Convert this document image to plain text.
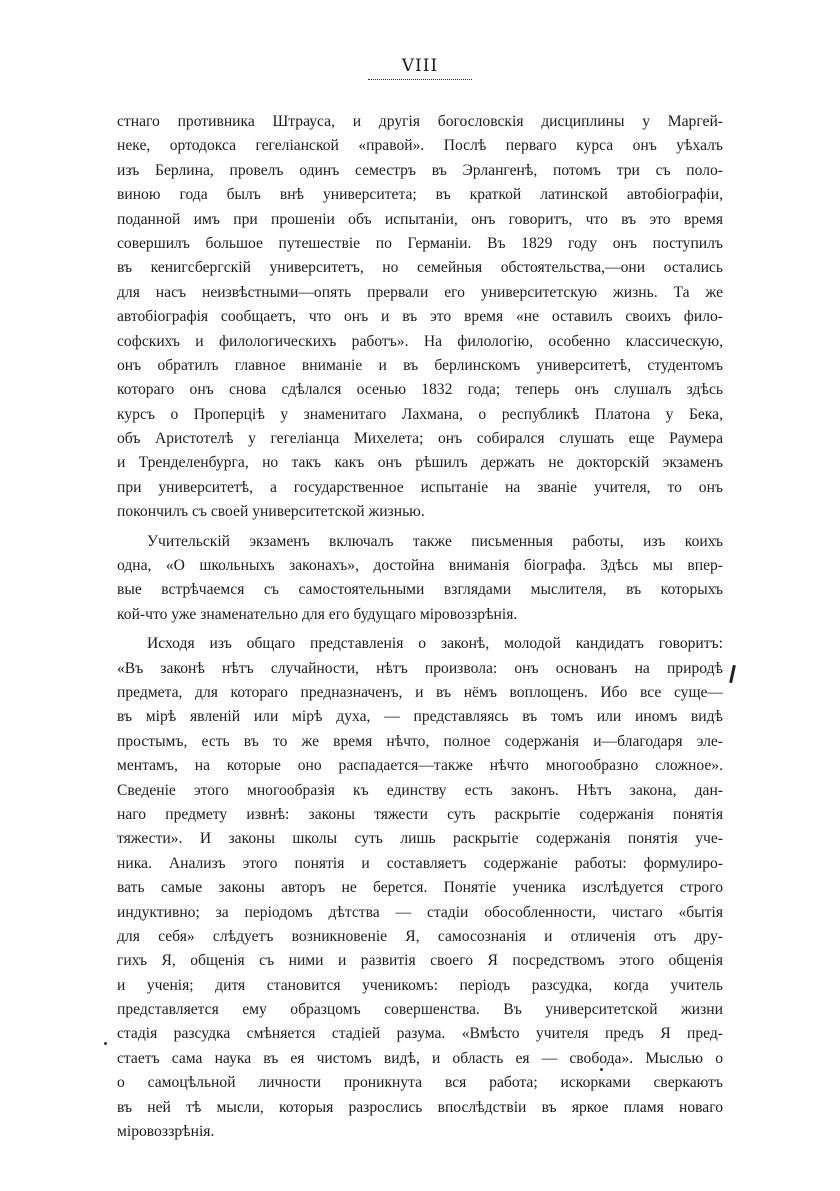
VIII
стнаго противника Штрауса, и другія богословскія дисциплины у Маргей-
неке, ортодокса гегеліанской «правой». Послѣ перваго курса онъ уѣхалъ
изъ Берлина, провелъ одинъ семестръ въ Эрлангенѣ, потомъ три съ поло-
виною года былъ внѣ университета; въ краткой латинской автобіографіи,
поданной имъ при прошеніи объ испытаніи, онъ говоритъ, что въ это время
совершилъ большое путешествіе по Германіи. Въ 1829 году онъ поступилъ
въ кенигсбергскій университетъ, но семейныя обстоятельства,—они остались
для насъ неизвѣстными—опять прервали его университетскую жизнь. Та же
автобіографія сообщаетъ, что онъ и въ это время «не оставилъ своихъ фило-
софскихъ и филологическихъ работъ». На филологію, особенно классическую,
онъ обратилъ главное вниманіе и въ берлинскомъ университетѣ, студентомъ
котораго онъ снова сдѣлался осенью 1832 года; теперь онъ слушалъ здѣсь
курсъ о Проперціѣ у знаменитаго Лахмана, о республикѣ Платона у Бека,
объ Аристотелѣ у гегеліанца Михелета; онъ собирался слушать еще Раумера
и Тренделенбурга, но такъ какъ онъ рѣшилъ держать не докторскій экзаменъ
при университетѣ, а государственное испытаніе на званіе учителя, то онъ
покончилъ съ своей университетской жизнью.
Учительскій экзаменъ включалъ также письменныя работы, изъ коихъ
одна, «О школьныхъ законахъ», достойна вниманія біографа. Здѣсь мы впер-
вые встрѣчаемся съ самостоятельными взглядами мыслителя, въ которыхъ
кой-что уже знаменательно для его будущаго міровоззрѣнія.
Исходя изъ общаго представленія о законѣ, молодой кандидатъ говоритъ:
«Въ законѣ нѣтъ случайности, нѣтъ произвола: онъ основанъ на природѣ
предмета, для котораго предназначенъ, и въ нёмъ воплощенъ. Ибо все суще—
въ мірѣ явленій или мірѣ духа, — представляясь въ томъ или иномъ видѣ
простымъ, есть въ то же время нѣчто, полное содержанія и—благодаря эле-
ментамъ, на которые оно распадается—также нѣчто многообразно сложное».
Сведеніе этого многообразія къ единству есть законъ. Нѣтъ закона, дан-
наго предмету извнѣ: законы тяжести суть раскрытіе содержанія понятія
тяжести». И законы школы суть лишь раскрытіе содержанія понятія уче-
ника. Анализъ этого понятія и составляетъ содержаніе работы: формулиро-
вать самые законы авторъ не берется. Понятіе ученика изслѣдуется строго
индуктивно; за періодомъ дѣтства — стадіи обособленности, чистаго «бытія
для себя» слѣдуетъ возникновеніе Я, самосознанія и отличенія отъ дру-
гихъ Я, общенія съ ними и развитія своего Я посредствомъ этого общенія
и ученія; дитя становится ученикомъ: періодъ разсудка, когда учитель
представляется ему образцомъ совершенства. Въ университетской жизни
стадія разсудка смѣняется стадіей разума. «Вмѣсто учителя предъ Я пред-
стаетъ сама наука въ ея чистомъ видѣ, и область ея — свобода». Мыслью о
о самоцѣльной личности проникнута вся работа; искорками сверкаютъ
въ ней тѣ мысли, которыя разрослись впослѣдствіи въ яркое пламя новаго
міровоззрѣнія.
